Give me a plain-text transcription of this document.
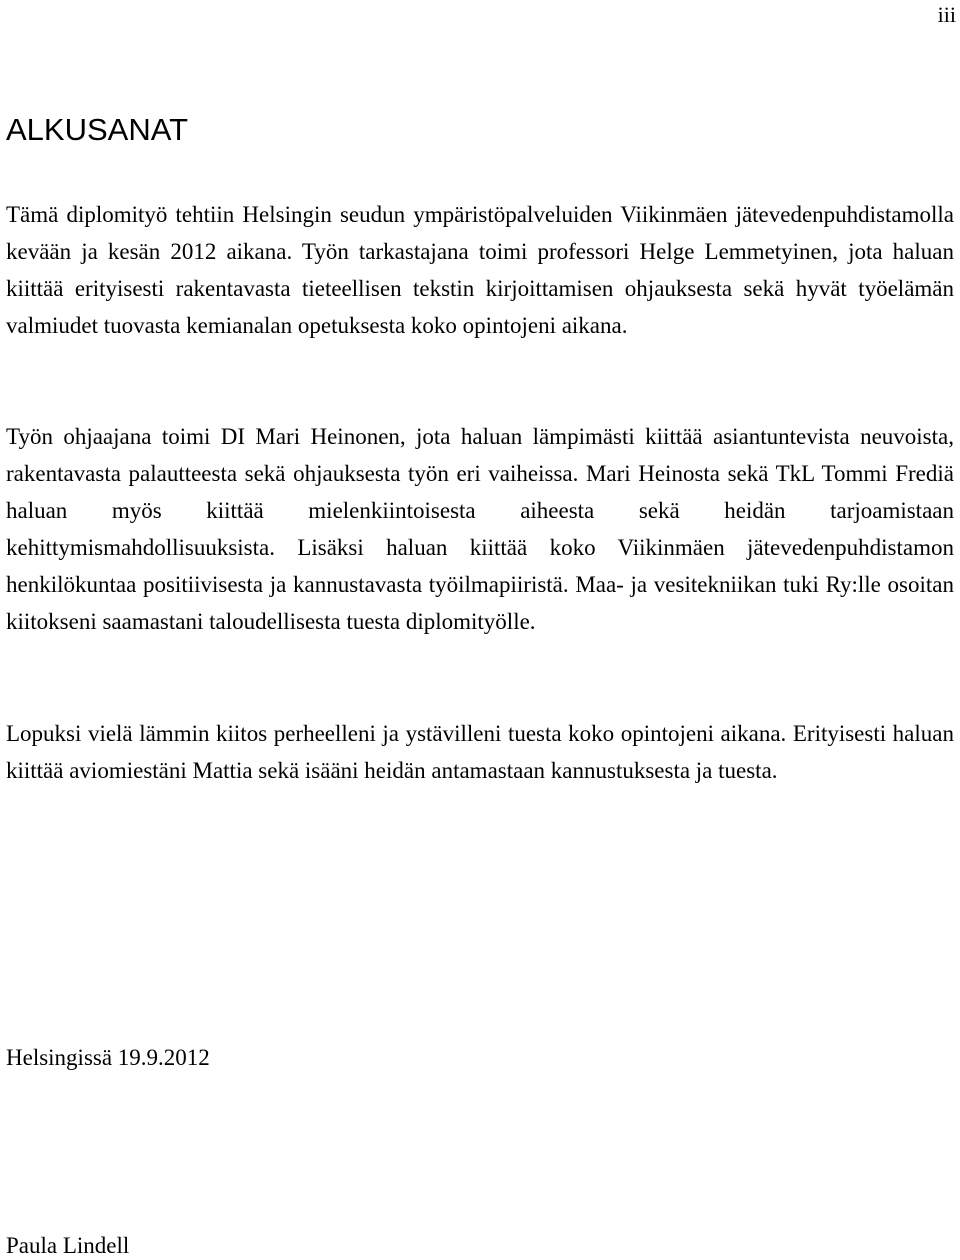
iii
ALKUSANAT

Tämä diplomityö tehtiin Helsingin seudun ympäristöpalveluiden Viikinmäen jätevedenpuhdistamolla kevään ja kesän 2012 aikana. Työn tarkastajana toimi professori Helge Lemmetyinen, jota haluan kiittää erityisesti rakentavasta tieteellisen tekstin kirjoittamisen ohjauksesta sekä hyvät työelämän valmiudet tuovasta kemianalan opetuksesta koko opintojeni aikana.

Työn ohjaajana toimi DI Mari Heinonen, jota haluan lämpimästi kiittää asiantuntevista neuvoista, rakentavasta palautteesta sekä ohjauksesta työn eri vaiheissa. Mari Heinosta sekä TkL Tommi Frediä haluan myös kiittää mielenkiintoisesta aiheesta sekä heidän tarjoamistaan kehittymismahdollisuuksista. Lisäksi haluan kiittää koko Viikinmäen jätevedenpuhdistamon henkilökuntaa positiivisesta ja kannustavasta työilmapiiristä. Maa- ja vesitekniikan tuki Ry:lle osoitan kiitokseni saamastani taloudellisesta tuesta diplomityölle.

Lopuksi vielä lämmin kiitos perheelleni ja ystävilleni tuesta koko opintojeni aikana. Erityisesti haluan kiittää aviomiestäni Mattia sekä isääni heidän antamastaan kannustuksesta ja tuesta.

Helsingissä 19.9.2012
Paula Lindell
